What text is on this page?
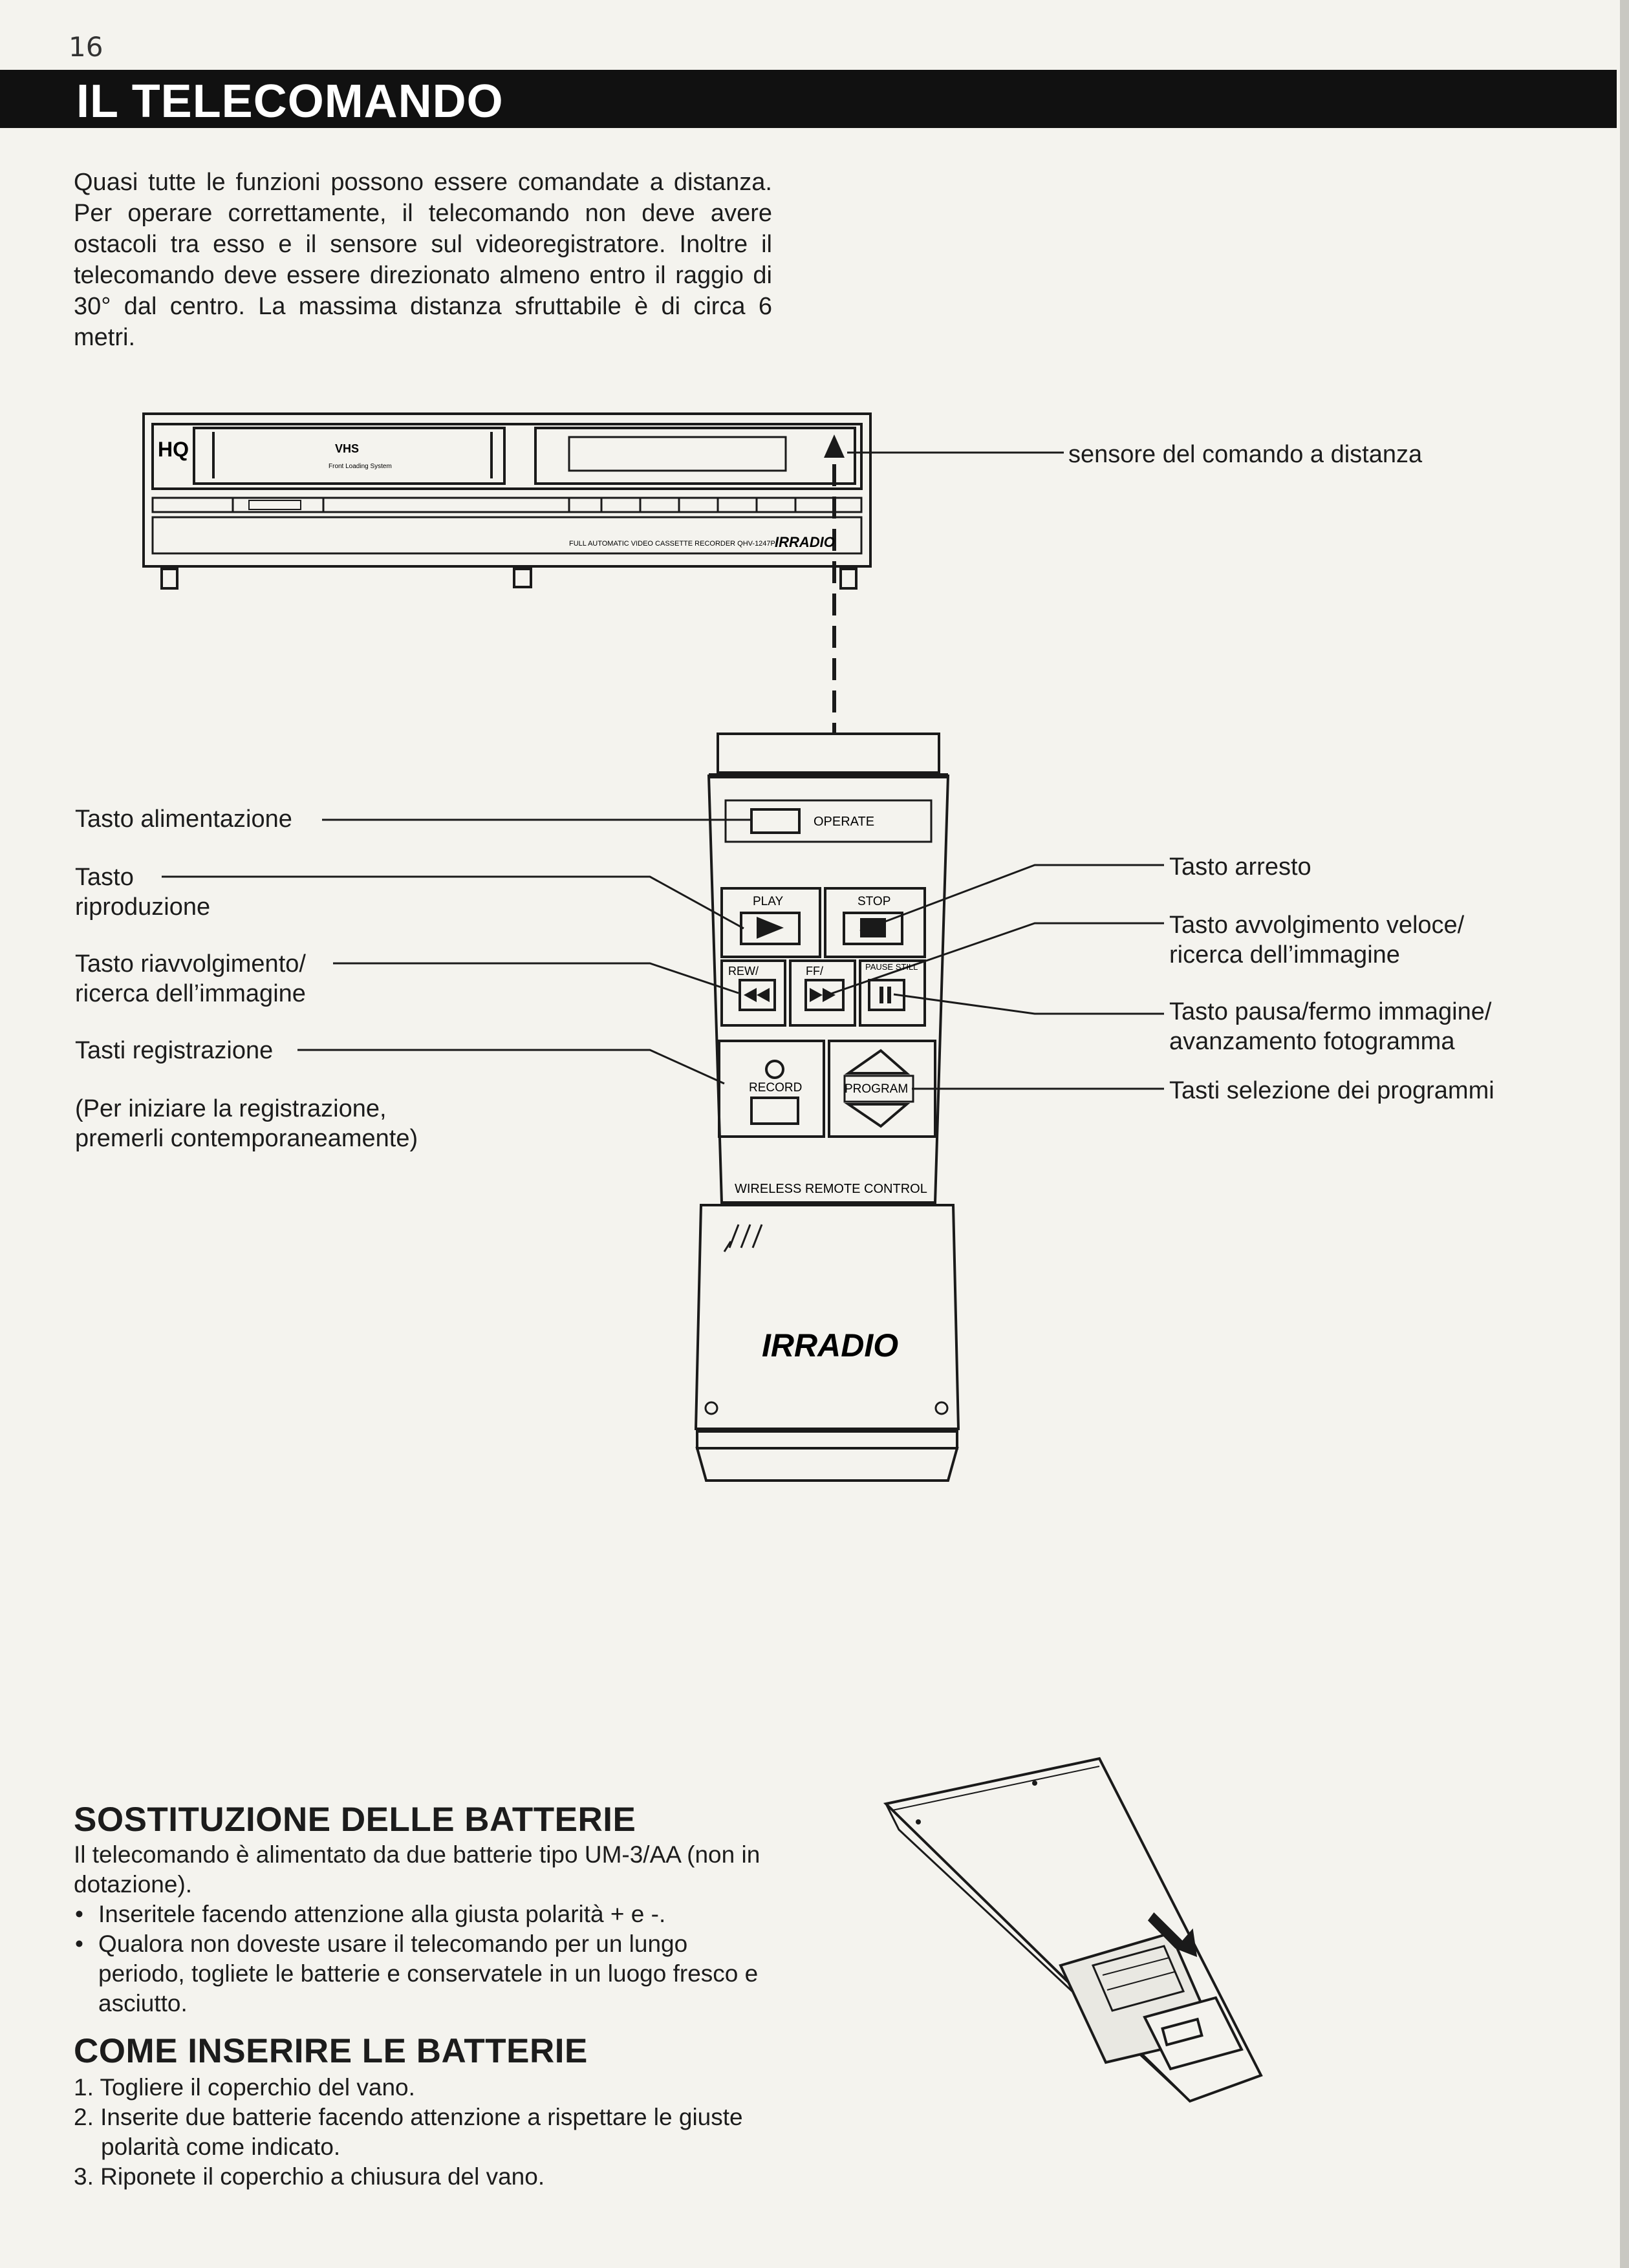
16
IL TELECOMANDO
Quasi tutte le funzioni possono essere comandate a distanza. Per operare correttamente, il telecomando non deve avere ostacoli tra esso e il sensore sul videoregistratore. Inoltre il telecomando deve essere direzionato almeno entro il raggio di 30° dal centro. La massima distanza sfruttabile è di circa 6 metri.
HQ	VHS
Front Loading System
FULL AUTOMATIC VIDEO CASSETTE RECORDER QHV-1247P IRRADIO
OPERATE
PLAY	STOP
REW/	FF/	PAUSE STILL
RECORD	PROGRAM
WIRELESS REMOTE CONTROL
IRRADIO
sensore del comando a distanza
Tasto alimentazione
Tasto
riproduzione
Tasto riavvolgimento/
ricerca dell’immagine
Tasti registrazione
(Per iniziare la registrazione,
premerli contemporaneamente)
Tasto arresto
Tasto avvolgimento veloce/
ricerca dell’immagine
Tasto pausa/fermo immagine/
avanzamento fotogramma
Tasti selezione dei programmi
SOSTITUZIONE DELLE BATTERIE
Il telecomando è alimentato da due batterie tipo UM-3/AA (non in dotazione).
• Inseritele facendo attenzione alla giusta polarità + e -.
• Qualora non doveste usare il telecomando per un lungo periodo, togliete le batterie e conservatele in un luogo fresco e asciutto.
COME INSERIRE LE BATTERIE
1. Togliere il coperchio del vano.
2. Inserite due batterie facendo attenzione a rispettare le giuste polarità come indicato.
3. Riponete il coperchio a chiusura del vano.
